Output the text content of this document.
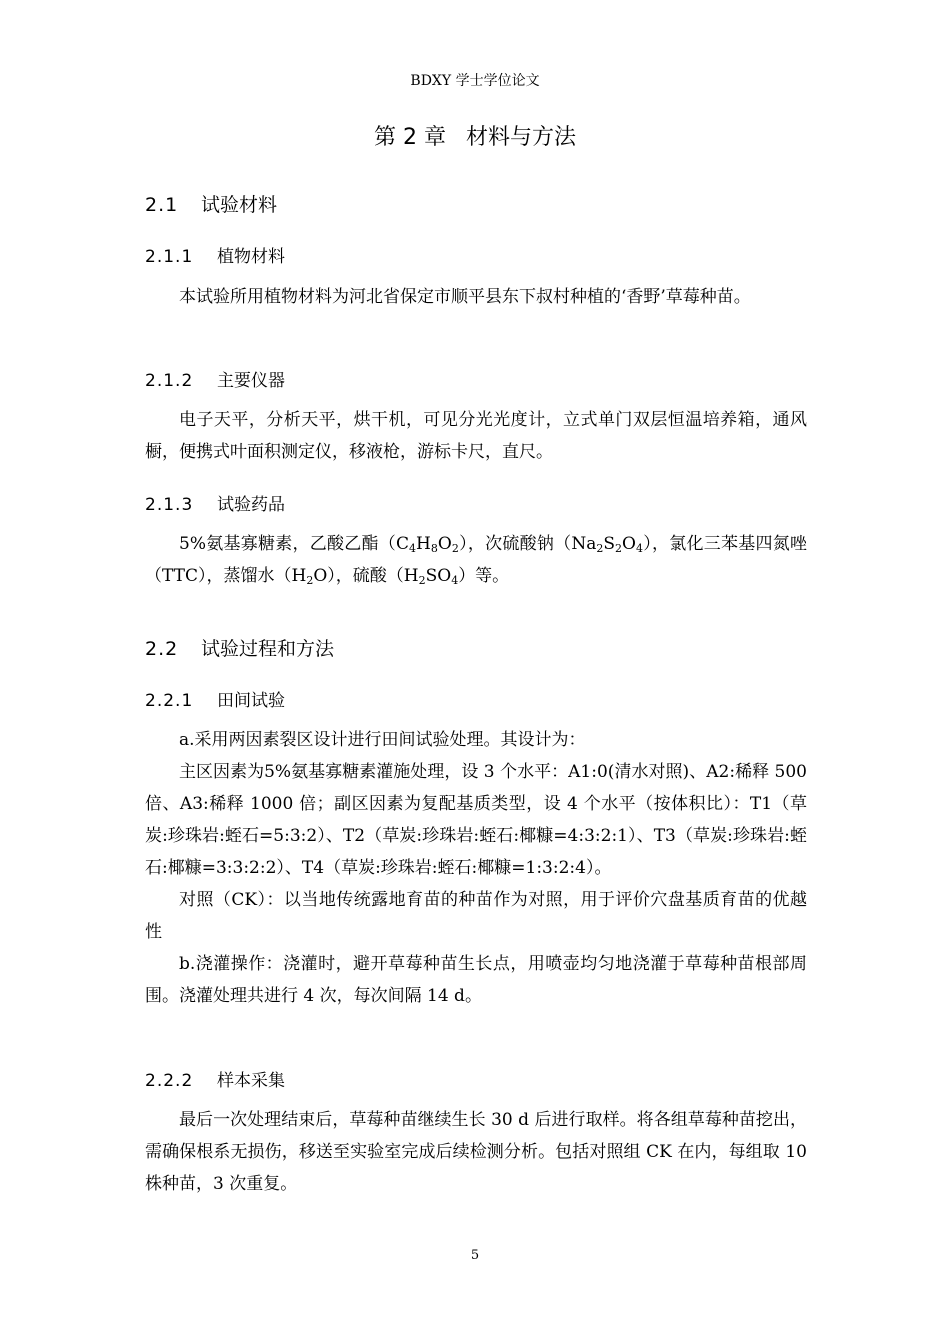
BDXY 学士学位论文
第 2 章 材料与方法
2.1 试验材料
2.1.1 植物材料
本试验所用植物材料为河北省保定市顺平县东下叔村种植的‘香野’草莓种苗。
2.1.2 主要仪器
电子天平，分析天平，烘干机，可见分光光度计，立式单门双层恒温培养箱，通风橱，便携式叶面积测定仪，移液枪，游标卡尺，直尺。
2.1.3 试验药品
5%氨基寡糖素，乙酸乙酯$(C_4H_8O_2)$，次硫酸钠$(Na_2S_2O_4)$，氯化三苯基四氮唑（TTC），蒸馏水$(H_2O)$，硫酸$(H_2SO_4)$等。
2.2 试验过程和方法
2.2.1 田间试验

a.采用两因素裂区设计进行田间试验处理。其设计为：

主区因素为5%氨基寡糖素灌施处理，设 3 个水平：A1:0(清水对照)、A2:稀释 500 倍、A3:稀释 1000 倍；副区因素为复配基质类型，设 4 个水平（按体积比）：T1（草炭:珍珠岩:蛭石=5:3:2）、T2（草炭:珍珠岩:蛭石:椰糠=4:3:2:1）、T3（草炭:珍珠岩:蛭石:椰糠=3:3:2:2）、T4（草炭:珍珠岩:蛭石:椰糠=1:3:2:4）。

对照（CK）：以当地传统露地育苗的种苗作为对照，用于评价穴盘基质育苗的优越性

b.浇灌操作：浇灌时，避开草莓种苗生长点，用喷壶均匀地浇灌于草莓种苗根部周围。浇灌处理共进行 4 次，每次间隔 14 d。

2.2.2 样本采集
最后一次处理结束后，草莓种苗继续生长 30 d 后进行取样。将各组草莓种苗挖出，需确保根系无损伤，移送至实验室完成后续检测分析。包括对照组 CK 在内，每组取 10 株种苗，3 次重复。
5
